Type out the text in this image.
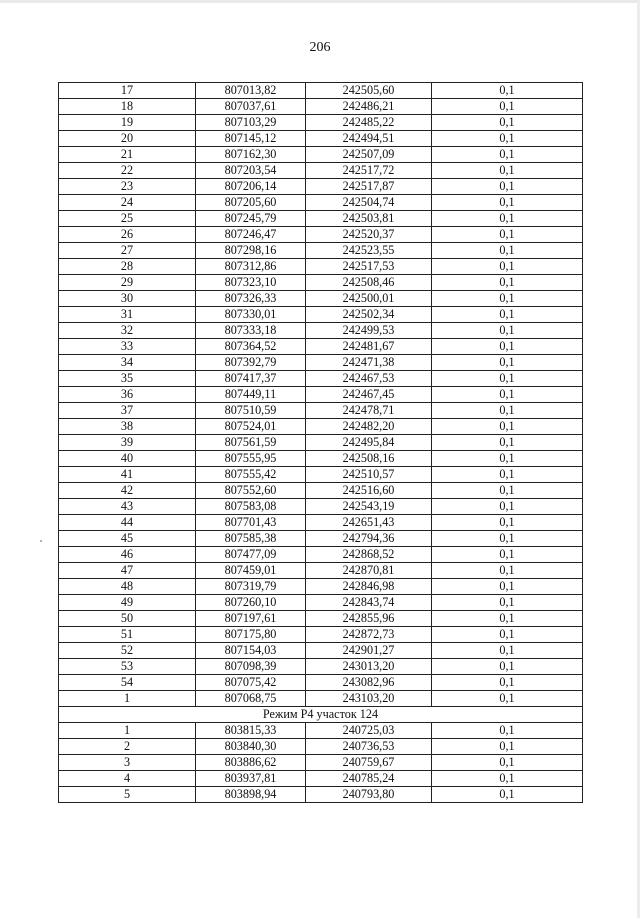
206
17	807013,82	242505,60	0,1
18	807037,61	242486,21	0,1
19	807103,29	242485,22	0,1
20	807145,12	242494,51	0,1
21	807162,30	242507,09	0,1
22	807203,54	242517,72	0,1
23	807206,14	242517,87	0,1
24	807205,60	242504,74	0,1
25	807245,79	242503,81	0,1
26	807246,47	242520,37	0,1
27	807298,16	242523,55	0,1
28	807312,86	242517,53	0,1
29	807323,10	242508,46	0,1
30	807326,33	242500,01	0,1
31	807330,01	242502,34	0,1
32	807333,18	242499,53	0,1
33	807364,52	242481,67	0,1
34	807392,79	242471,38	0,1
35	807417,37	242467,53	0,1
36	807449,11	242467,45	0,1
37	807510,59	242478,71	0,1
38	807524,01	242482,20	0,1
39	807561,59	242495,84	0,1
40	807555,95	242508,16	0,1
41	807555,42	242510,57	0,1
42	807552,60	242516,60	0,1
43	807583,08	242543,19	0,1
44	807701,43	242651,43	0,1
45	807585,38	242794,36	0,1
46	807477,09	242868,52	0,1
47	807459,01	242870,81	0,1
48	807319,79	242846,98	0,1
49	807260,10	242843,74	0,1
50	807197,61	242855,96	0,1
51	807175,80	242872,73	0,1
52	807154,03	242901,27	0,1
53	807098,39	243013,20	0,1
54	807075,42	243082,96	0,1
1	807068,75	243103,20	0,1
Режим Р4 участок 124			
1	803815,33	240725,03	0,1
2	803840,30	240736,53	0,1
3	803886,62	240759,67	0,1
4	803937,81	240785,24	0,1
5	803898,94	240793,80	0,1
